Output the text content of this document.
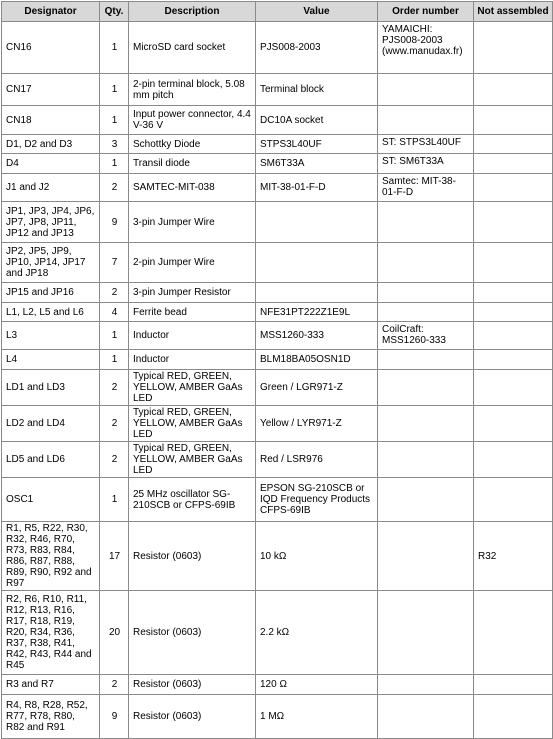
Designator	Qty.	Description	Value	Order number	Not assembled
CN16	1	MicroSD card socket	PJS008-2003	YAMAICHI: PJS008-2003 (www.manudax.fr)	
CN17	1	2-pin terminal block, 5.08 mm pitch	Terminal block		
CN18	1	Input power connector, 4.4 V-36 V	DC10A socket		
D1, D2 and D3	3	Schottky Diode	STPS3L40UF	ST: STPS3L40UF	
D4	1	Transil diode	SM6T33A	ST: SM6T33A	
J1 and J2	2	SAMTEC-MIT-038	MIT-38-01-F-D	Samtec: MIT-38-01-F-D	
JP1, JP3, JP4, JP6, JP7, JP8, JP11, JP12 and JP13	9	3-pin Jumper Wire			
JP2, JP5, JP9, JP10, JP14, JP17 and JP18	7	2-pin Jumper Wire			
JP15 and JP16	2	3-pin Jumper Resistor			
L1, L2, L5 and L6	4	Ferrite bead	NFE31PT222Z1E9L		
L3	1	Inductor	MSS1260-333	CoilCraft: MSS1260-333	
L4	1	Inductor	BLM18BA05OSN1D		
LD1 and LD3	2	Typical RED, GREEN, YELLOW, AMBER GaAs LED	Green / LGR971-Z		
LD2 and LD4	2	Typical RED, GREEN, YELLOW, AMBER GaAs LED	Yellow / LYR971-Z		
LD5 and LD6	2	Typical RED, GREEN, YELLOW, AMBER GaAs LED	Red / LSR976		
OSC1	1	25 MHz oscillator SG-210SCB or CFPS-69IB	EPSON SG-210SCB or IQD Frequency Products CFPS-69IB		
R1, R5, R22, R30, R32, R46, R70, R73, R83, R84, R86, R87, R88, R89, R90, R92 and R97	17	Resistor (0603)	10 kΩ		R32
R2, R6, R10, R11, R12, R13, R16, R17, R18, R19, R20, R34, R36, R37, R38, R41, R42, R43, R44 and R45	20	Resistor (0603)	2.2 kΩ		
R3 and R7	2	Resistor (0603)	120 Ω		
R4, R8, R28, R52, R77, R78, R80, R82 and R91	9	Resistor (0603)	1 MΩ		
